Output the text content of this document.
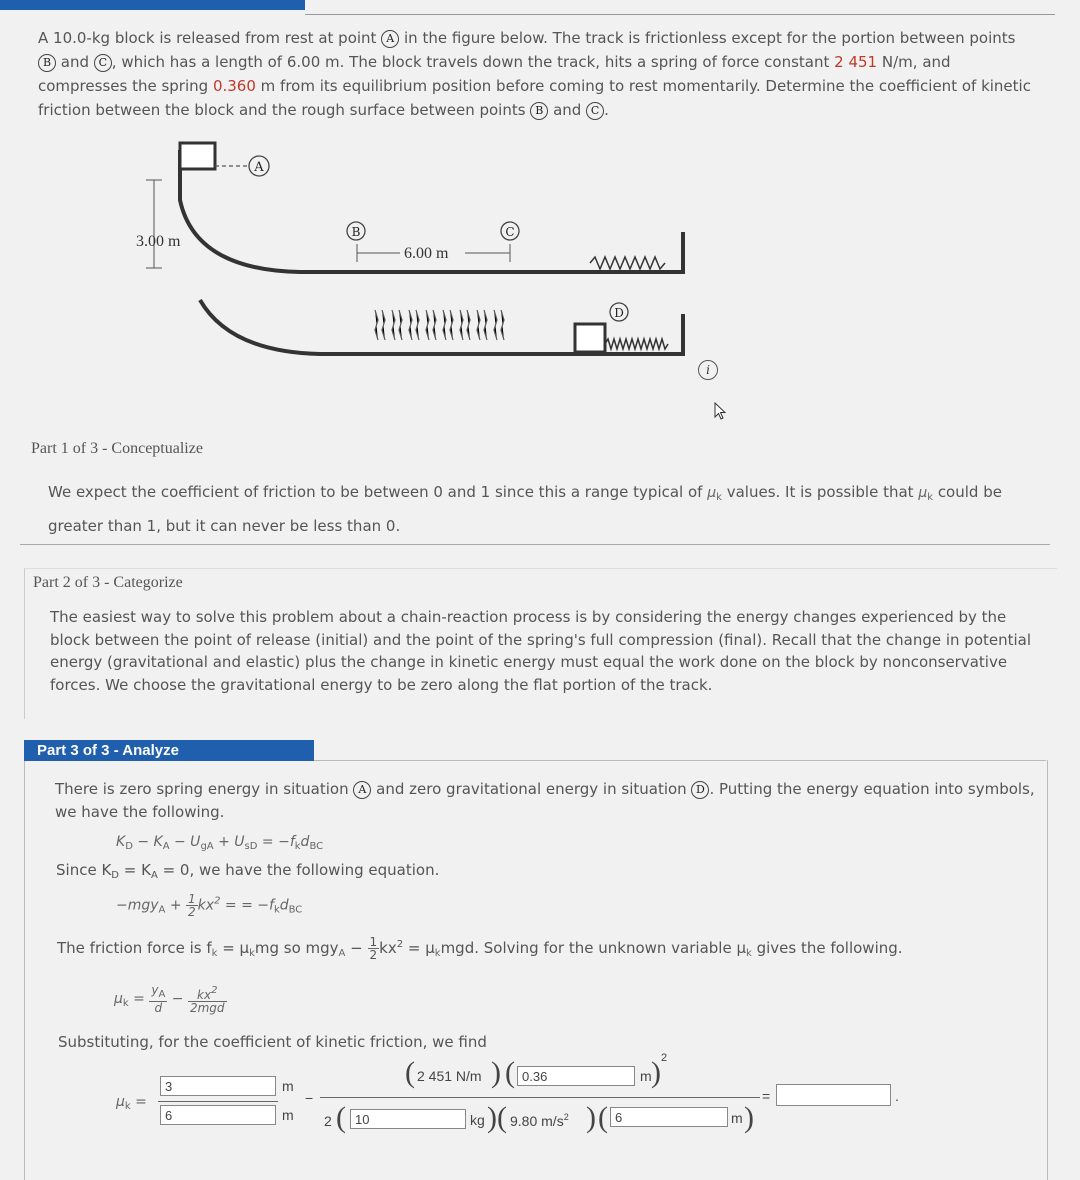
A 10.0-kg block is released from rest at point A in the figure below. The track is frictionless except for the portion between points B and C , which has a length of 6.00 m. The block travels down the track, hits a spring of force constant 2 451 N/m, and compresses the spring 0.360 m from its equilibrium position before coming to rest momentarily. Determine the coefficient of kinetic friction between the block and the rough surface between points B and C .
A
3.00 m
B	C
6.00 m
D
i
Part 1 of 3 - Conceptualize
We expect the coefficient of friction to be between 0 and 1 since this a range typical of $\mu_k$ values. It is possible that $\mu_k$ could be greater than 1, but it can never be less than 0.
Part 2 of 3 - Categorize
The easiest way to solve this problem about a chain-reaction process is by considering the energy changes experienced by the block between the point of release (initial) and the point of the spring's full compression (final). Recall that the change in potential energy (gravitational and elastic) plus the change in kinetic energy must equal the work done on the block by nonconservative forces. We choose the gravitational energy to be zero along the flat portion of the track.
Part 3 of 3 - Analyze
There is zero spring energy in situation A and zero gravitational energy in situation D . Putting the energy equation into symbols, we have the following.
$K_D - K_A - U_{gA} + U_{sD} = -f_kd_{BC}$
Since $K_D = K_A = 0$, we have the following equation.
$-mgy_A + \frac{1}{2} kx^2$ = = $-f_kd_{BC}$
The friction force is $f_k = \mu_kmg$ so $mgy_A - \frac{1}{2} kx^2 = \mu_kmgd$. Solving for the unknown variable $\mu_k$ gives the following.
$\mu_k = \frac{y_A}{d} - \frac{kx^2}{\text{2mgd}}$
Substituting, for the coefficient of kinetic friction, we find
$\mu_k$ =
3
m
6
m
−
( 2 451 N/m ) (
0.36	m ) 2
2 (
10	kg ) ( 9.80 $m/s^2$ ) (
6	m )
=	.
